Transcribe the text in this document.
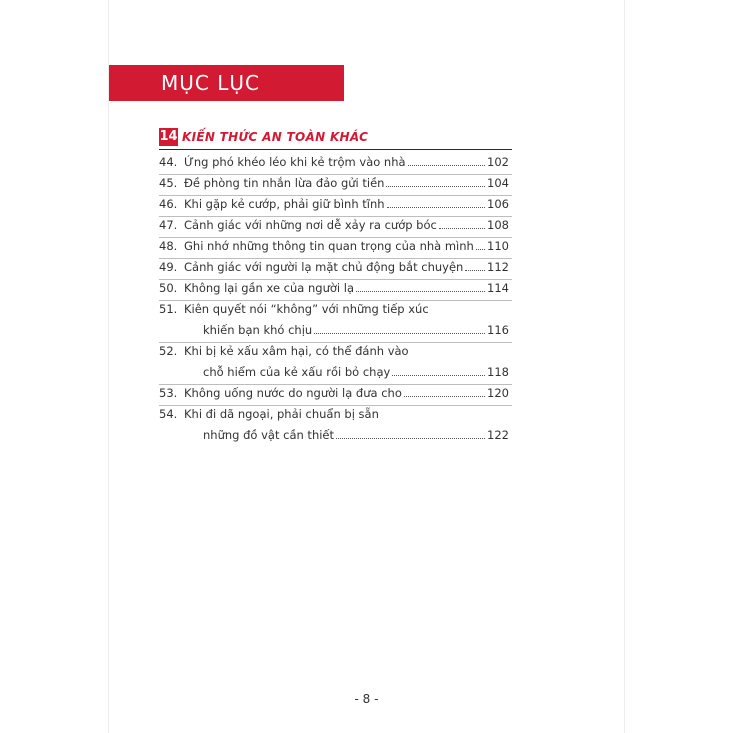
MỤC LỤC
14 KIẾN THỨC AN TOÀN KHÁC
44. Ứng phó khéo léo khi kẻ trộm vào nhà	102
45. Đề phòng tin nhắn lừa đảo gửi tiền	104
46. Khi gặp kẻ cướp, phải giữ bình tĩnh	106
47. Cảnh giác với những nơi dễ xảy ra cướp bóc	108
48. Ghi nhớ những thông tin quan trọng của nhà mình 110
49. Cảnh giác với người lạ mặt chủ động bắt chuyện 112
50. Không lại gần xe của người lạ	114
51. Kiên quyết nói “không” với những tiếp xúc
khiến bạn khó chịu	116
52. Khi bị kẻ xấu xâm hại, có thể đánh vào
chỗ hiểm của kẻ xấu rồi bỏ chạy	118
53. Không uống nước do người lạ đưa cho	120
54. Khi đi dã ngoại, phải chuẩn bị sẵn
những đồ vật cần thiết	122
- 8 -
